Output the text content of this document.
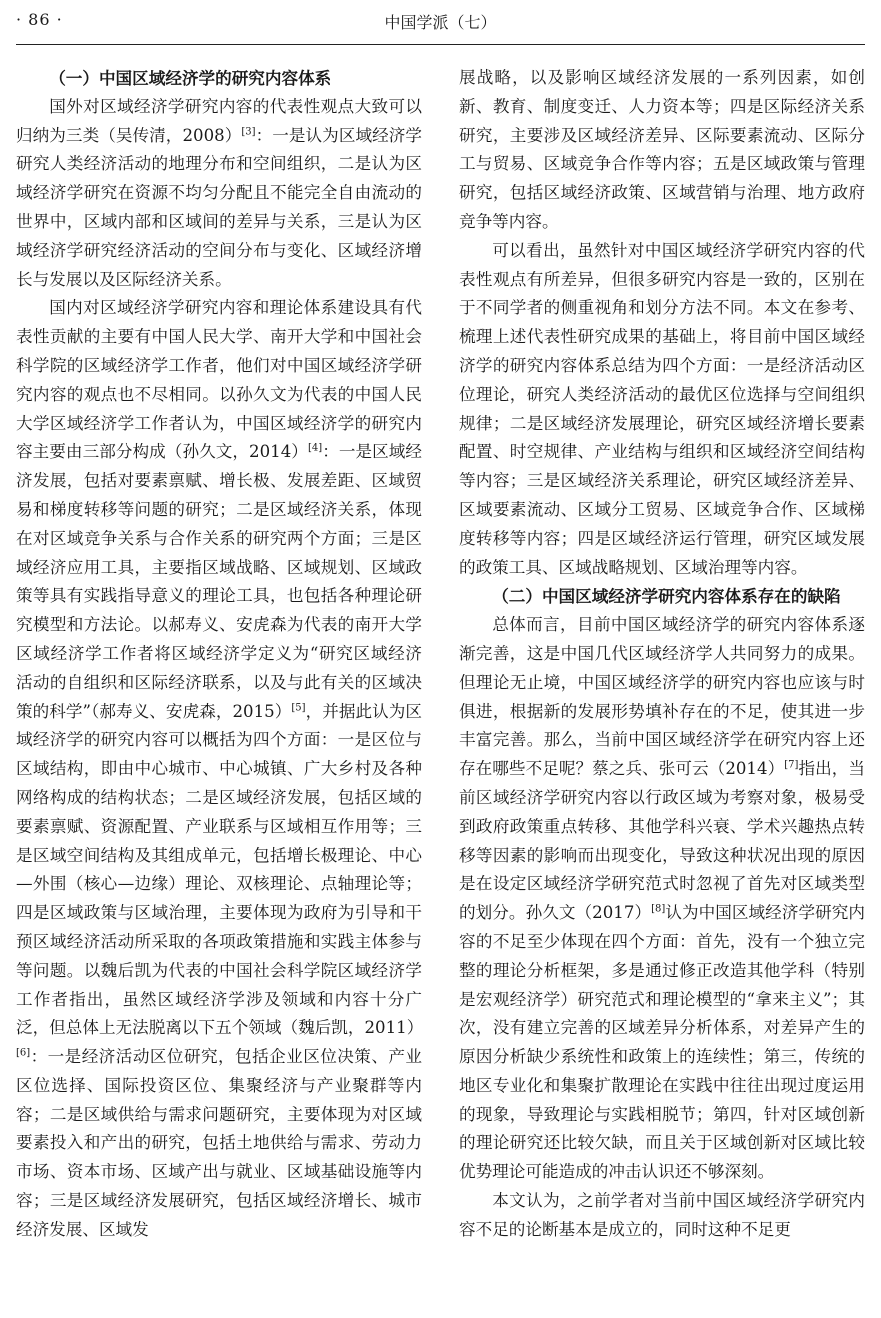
· 86 ·	中国学派（七）
（一）中国区域经济学的研究内容体系

国外对区域经济学研究内容的代表性观点大致可以归纳为三类（吴传清，2008）[3]：一是认为区域经济学研究人类经济活动的地理分布和空间组织，二是认为区域经济学研究在资源不均匀分配且不能完全自由流动的世界中，区域内部和区域间的差异与关系，三是认为区域经济学研究经济活动的空间分布与变化、区域经济增长与发展以及区际经济关系。

国内对区域经济学研究内容和理论体系建设具有代表性贡献的主要有中国人民大学、南开大学和中国社会科学院的区域经济学工作者，他们对中国区域经济学研究内容的观点也不尽相同。以孙久文为代表的中国人民大学区域经济学工作者认为，中国区域经济学的研究内容主要由三部分构成（孙久文，2014）[4]：一是区域经济发展，包括对要素禀赋、增长极、发展差距、区域贸易和梯度转移等问题的研究；二是区域经济关系，体现在对区域竞争关系与合作关系的研究两个方面；三是区域经济应用工具，主要指区域战略、区域规划、区域政策等具有实践指导意义的理论工具，也包括各种理论研究模型和方法论。以郝寿义、安虎森为代表的南开大学区域经济学工作者将区域经济学定义为“研究区域经济活动的自组织和区际经济联系，以及与此有关的区域决策的科学”（郝寿义、安虎森，2015）[5]，并据此认为区域经济学的研究内容可以概括为四个方面：一是区位与区域结构，即由中心城市、中心城镇、广大乡村及各种网络构成的结构状态；二是区域经济发展，包括区域的要素禀赋、资源配置、产业联系与区域相互作用等；三是区域空间结构及其组成单元，包括增长极理论、中心—外围（核心—边缘）理论、双核理论、点轴理论等；四是区域政策与区域治理，主要体现为政府为引导和干预区域经济活动所采取的各项政策措施和实践主体参与等问题。以魏后凯为代表的中国社会科学院区域经济学工作者指出，虽然区域经济学涉及领域和内容十分广泛，但总体上无法脱离以下五个领域（魏后凯，2011）[6]：一是经济活动区位研究，包括企业区位决策、产业区位选择、国际投资区位、集聚经济与产业聚群等内容；二是区域供给与需求问题研究，主要体现为对区域要素投入和产出的研究，包括土地供给与需求、劳动力市场、资本市场、区域产出与就业、区域基础设施等内容；三是区域经济发展研究，包括区域经济增长、城市经济发展、区域发

展战略，以及影响区域经济发展的一系列因素，如创新、教育、制度变迁、人力资本等；四是区际经济关系研究，主要涉及区域经济差异、区际要素流动、区际分工与贸易、区域竞争合作等内容；五是区域政策与管理研究，包括区域经济政策、区域营销与治理、地方政府竞争等内容。

可以看出，虽然针对中国区域经济学研究内容的代表性观点有所差异，但很多研究内容是一致的，区别在于不同学者的侧重视角和划分方法不同。本文在参考、梳理上述代表性研究成果的基础上，将目前中国区域经济学的研究内容体系总结为四个方面：一是经济活动区位理论，研究人类经济活动的最优区位选择与空间组织规律；二是区域经济发展理论，研究区域经济增长要素配置、时空规律、产业结构与组织和区域经济空间结构等内容；三是区域经济关系理论，研究区域经济差异、区域要素流动、区域分工贸易、区域竞争合作、区域梯度转移等内容；四是区域经济运行管理，研究区域发展的政策工具、区域战略规划、区域治理等内容。

（二）中国区域经济学研究内容体系存在的缺陷

总体而言，目前中国区域经济学的研究内容体系逐渐完善，这是中国几代区域经济学人共同努力的成果。但理论无止境，中国区域经济学的研究内容也应该与时俱进，根据新的发展形势填补存在的不足，使其进一步丰富完善。那么，当前中国区域经济学在研究内容上还存在哪些不足呢？蔡之兵、张可云（2014）[7]指出，当前区域经济学研究内容以行政区域为考察对象，极易受到政府政策重点转移、其他学科兴衰、学术兴趣热点转移等因素的影响而出现变化，导致这种状况出现的原因是在设定区域经济学研究范式时忽视了首先对区域类型的划分。孙久文（2017）[8]认为中国区域经济学研究内容的不足至少体现在四个方面：首先，没有一个独立完整的理论分析框架，多是通过修正改造其他学科（特别是宏观经济学）研究范式和理论模型的“拿来主义”；其次，没有建立完善的区域差异分析体系，对差异产生的原因分析缺少系统性和政策上的连续性；第三，传统的地区专业化和集聚扩散理论在实践中往往出现过度运用的现象，导致理论与实践相脱节；第四，针对区域创新的理论研究还比较欠缺，而且关于区域创新对区域比较优势理论可能造成的冲击认识还不够深刻。

本文认为，之前学者对当前中国区域经济学研究内容不足的论断基本是成立的，同时这种不足更
